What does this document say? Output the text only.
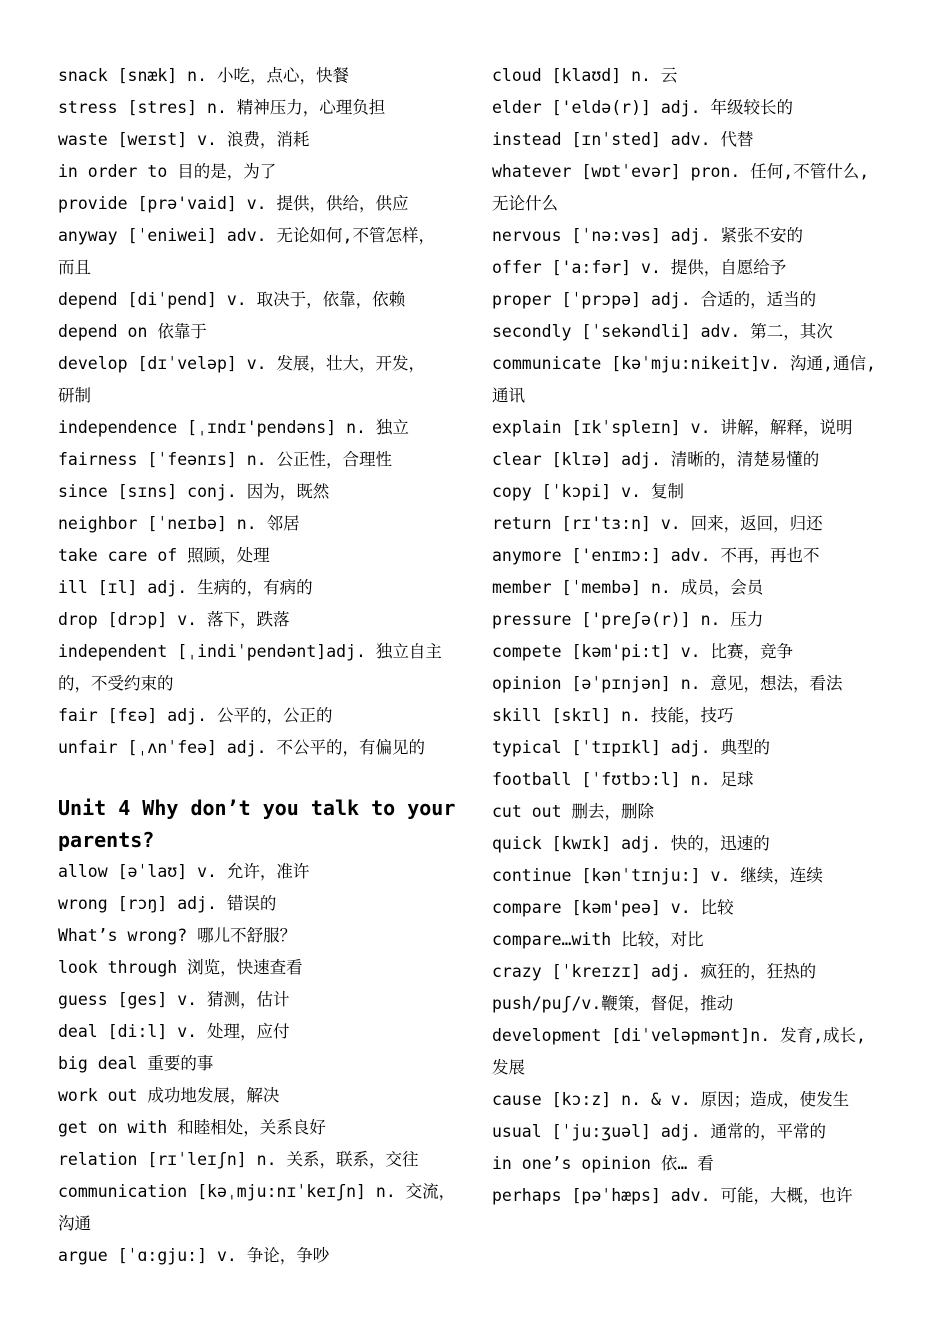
snack [snæk] n. 小吃，点心，快餐
stress [stres] n. 精神压力，心理负担
waste [weɪst] v. 浪费，消耗
in order to 目的是，为了
provide [prə'vaid] v. 提供，供给，供应
anyway [ˈeniwei] adv. 无论如何,不管怎样，
而且
depend [diˈpend] v. 取决于，依靠，依赖
depend on 依靠于
develop [dɪˈveləp] v. 发展，壮大，开发，
研制
independence [ˌɪndɪ'pendəns] n. 独立
fairness [ˈfeənɪs] n. 公正性，合理性
since [sɪns] conj. 因为，既然
neighbor [ˈneɪbə] n. 邻居
take care of 照顾，处理
ill [ɪl] adj. 生病的，有病的
drop [drɔp] v. 落下，跌落
independent [ˌindiˈpendənt]adj. 独立自主
的，不受约束的
fair [fɛə] adj. 公平的，公正的
unfair [ˌʌnˈfeə] adj. 不公平的，有偏见的
Unit 4 Why don’t you talk to your
parents?
allow [əˈlaʊ] v. 允许，准许
wrong [rɔŋ] adj. 错误的
What’s wrong? 哪儿不舒服？
look through 浏览，快速查看
guess [ges] v. 猜测，估计
deal [di:l] v. 处理，应付
big deal 重要的事
work out 成功地发展，解决
get on with 和睦相处，关系良好
relation [rɪˈleɪʃn] n. 关系，联系，交往
communication [kəˌmju:nɪˈkeɪʃn] n. 交流，
沟通
argue [ˈɑ:gju:] v. 争论，争吵
cloud [klaʊd] n. 云
elder ['eldə(r)] adj. 年级较长的
instead [ɪnˈsted] adv. 代替
whatever [wɒtˈevər] pron. 任何,不管什么,
无论什么
nervous [ˈnə:vəs] adj. 紧张不安的
offer ['a:fər] v. 提供，自愿给予
proper [ˈprɔpə] adj. 合适的，适当的
secondly [ˈsekəndli] adv. 第二，其次
communicate [kəˈmju:nikeit]v. 沟通,通信,
通讯
explain [ɪkˈspleɪn] v. 讲解，解释，说明
clear [klɪə] adj. 清晰的，清楚易懂的
copy [ˈkɔpi] v. 复制
return [rɪ'tɜ:n] v. 回来，返回，归还
anymore ['enɪmɔ:] adv. 不再，再也不
member [ˈmembə] n. 成员，会员
pressure ['preʃə(r)] n. 压力
compete [kəm'pi:t] v. 比赛，竞争
opinion [əˈpɪnjən] n. 意见，想法，看法
skill [skɪl] n. 技能，技巧
typical [ˈtɪpɪkl] adj. 典型的
football [ˈfʊtbɔ:l] n. 足球
cut out 删去，删除
quick [kwɪk] adj. 快的，迅速的
continue [kənˈtɪnju:] v. 继续，连续
compare [kəm'peə] v. 比较
compare…with 比较，对比
crazy [ˈkreɪzɪ] adj. 疯狂的，狂热的
push/puʃ/v.鞭策，督促，推动
development [diˈveləpmənt]n. 发育,成长,
发展
cause [kɔ:z] n. & v. 原因；造成，使发生
usual [ˈju:ʒuəl] adj. 通常的，平常的
in one’s opinion 依… 看
perhaps [pəˈhæps] adv. 可能，大概，也许
